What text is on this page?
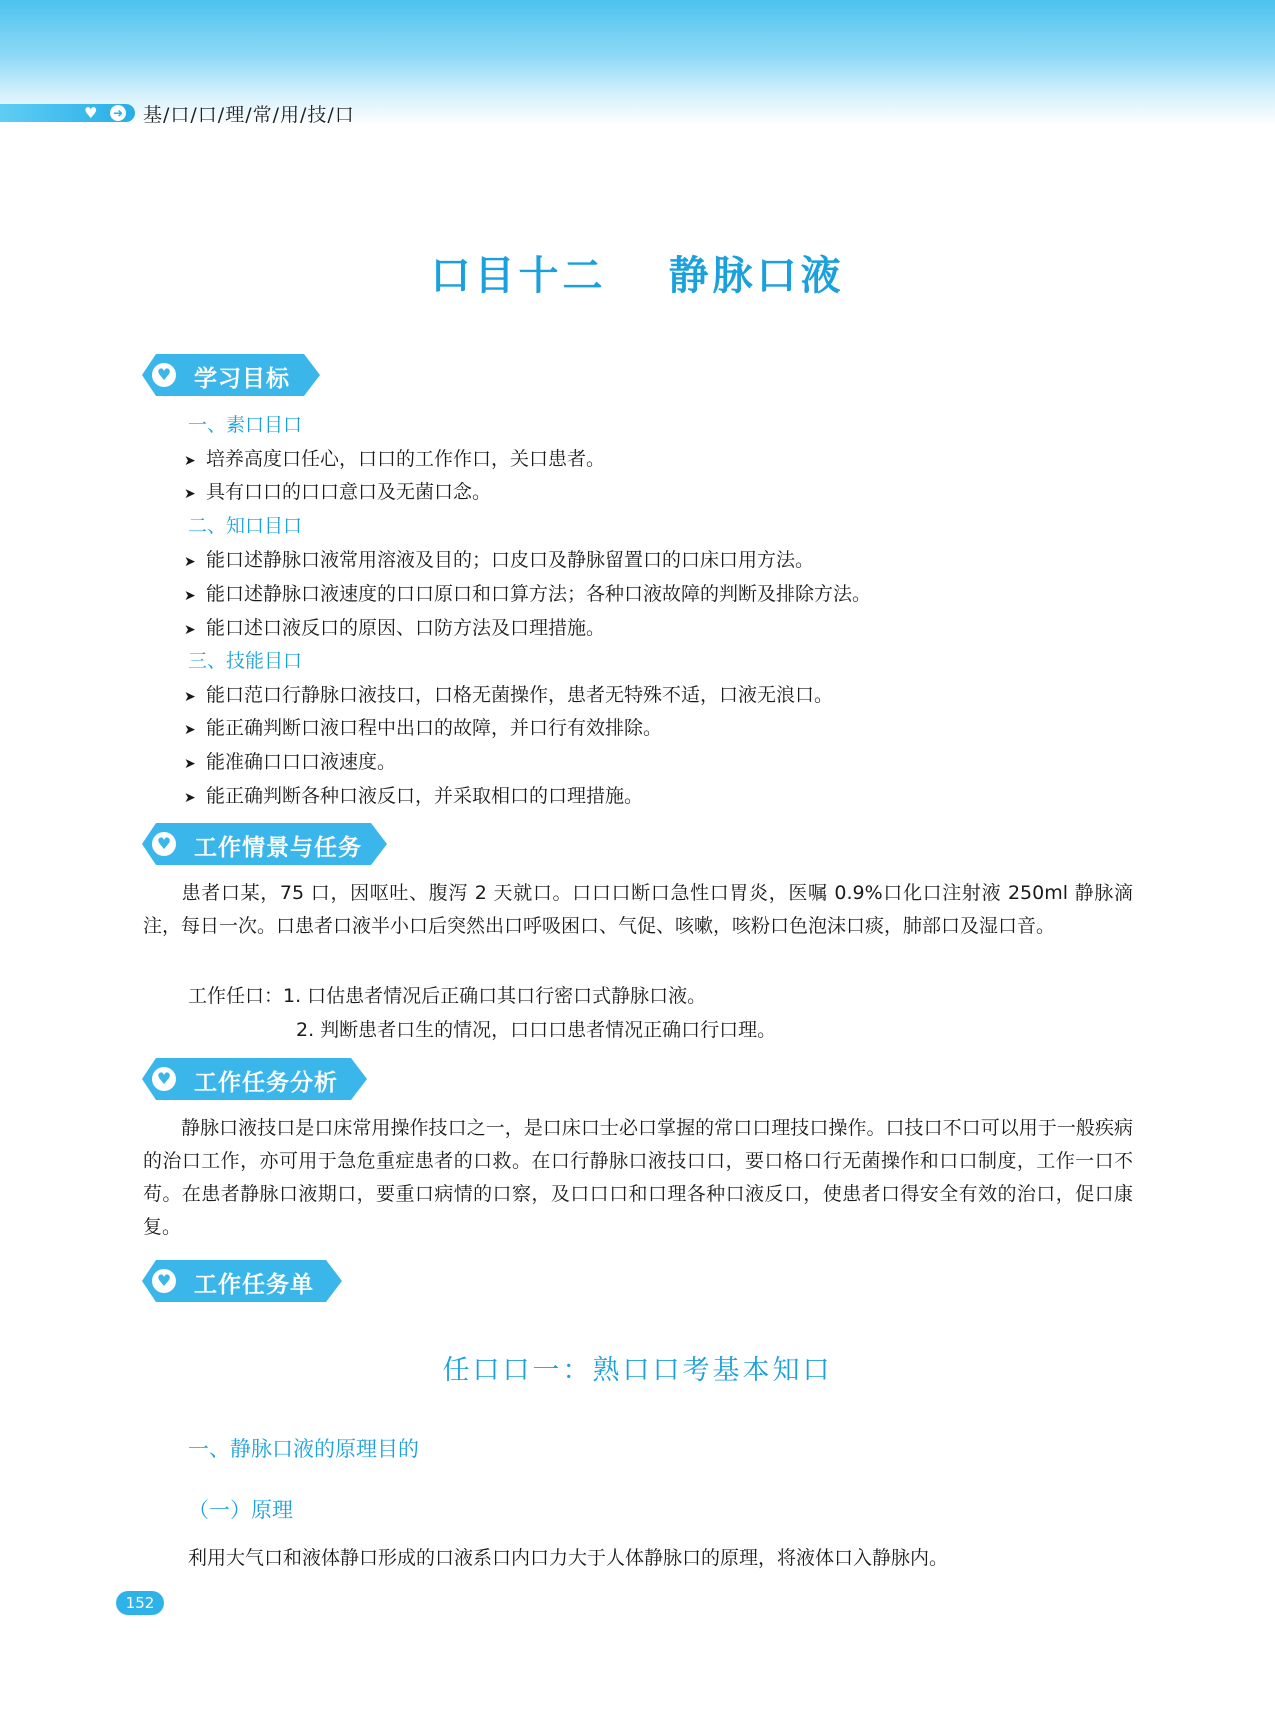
♥ ➜ 基/口/口/理/常/用/技/口
口目十二　 静脉口液
♥ 学习目标
一、素口目口
➤ 培养高度口任心，口口的工作作口，关口患者。
➤ 具有口口的口口意口及无菌口念。
二、知口目口
➤ 能口述静脉口液常用溶液及目的；口皮口及静脉留置口的口床口用方法。
➤ 能口述静脉口液速度的口口原口和口算方法；各种口液故障的判断及排除方法。
➤ 能口述口液反口的原因、口防方法及口理措施。
三、技能目口
➤ 能口范口行静脉口液技口，口格无菌操作，患者无特殊不适，口液无浪口。
➤ 能正确判断口液口程中出口的故障，并口行有效排除。
➤ 能准确口口口液速度。
➤ 能正确判断各种口液反口，并采取相口的口理措施。
♥ 工作情景与任务
患者口某，75 口，因呕吐、腹泻 2 天就口。口口口断口急性口胃炎，医嘱 0.9%口化口注射液 250ml 静脉滴注，每日一次。口患者口液半小口后突然出口呼吸困口、气促、咳嗽，咳粉口色泡沫口痰，肺部口及湿口音。
工作任口：1. 口估患者情况后正确口其口行密口式静脉口液。
2. 判断患者口生的情况，口口口患者情况正确口行口理。
♥ 工作任务分析
静脉口液技口是口床常用操作技口之一，是口床口士必口掌握的常口口理技口操作。口技口不口可以用于一般疾病的治口工作，亦可用于急危重症患者的口救。在口行静脉口液技口口，要口格口行无菌操作和口口制度，工作一口不苟。在患者静脉口液期口，要重口病情的口察，及口口口和口理各种口液反口，使患者口得安全有效的治口，促口康复。
♥ 工作任务单
任口口一：熟口口考基本知口
一、静脉口液的原理目的
（一）原理
利用大气口和液体静口形成的口液系口内口力大于人体静脉口的原理，将液体口入静脉内。
152
